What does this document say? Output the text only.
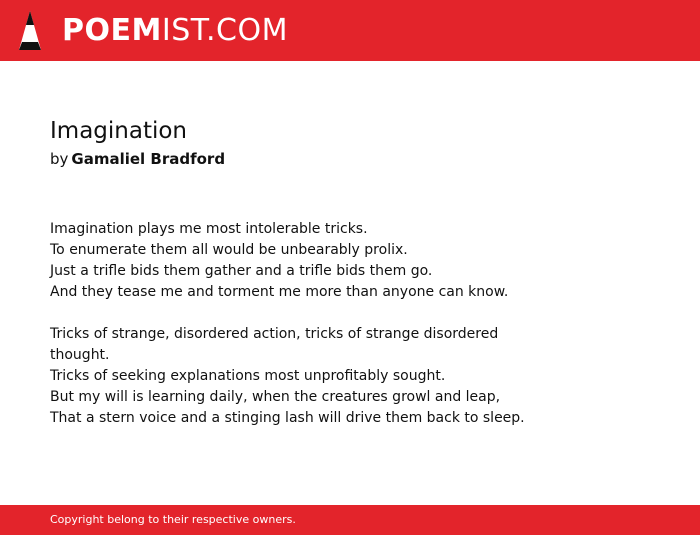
POEMIST.COM
Imagination
by Gamaliel Bradford
Imagination plays me most intolerable tricks.
To enumerate them all would be unbearably prolix.
Just a trifle bids them gather and a trifle bids them go.
And they tease me and torment me more than anyone can know.
Tricks of strange, disordered action, tricks of strange disordered
thought.
Tricks of seeking explanations most unprofitably sought.
But my will is learning daily, when the creatures growl and leap,
That a stern voice and a stinging lash will drive them back to sleep.
Copyright belong to their respective owners.
